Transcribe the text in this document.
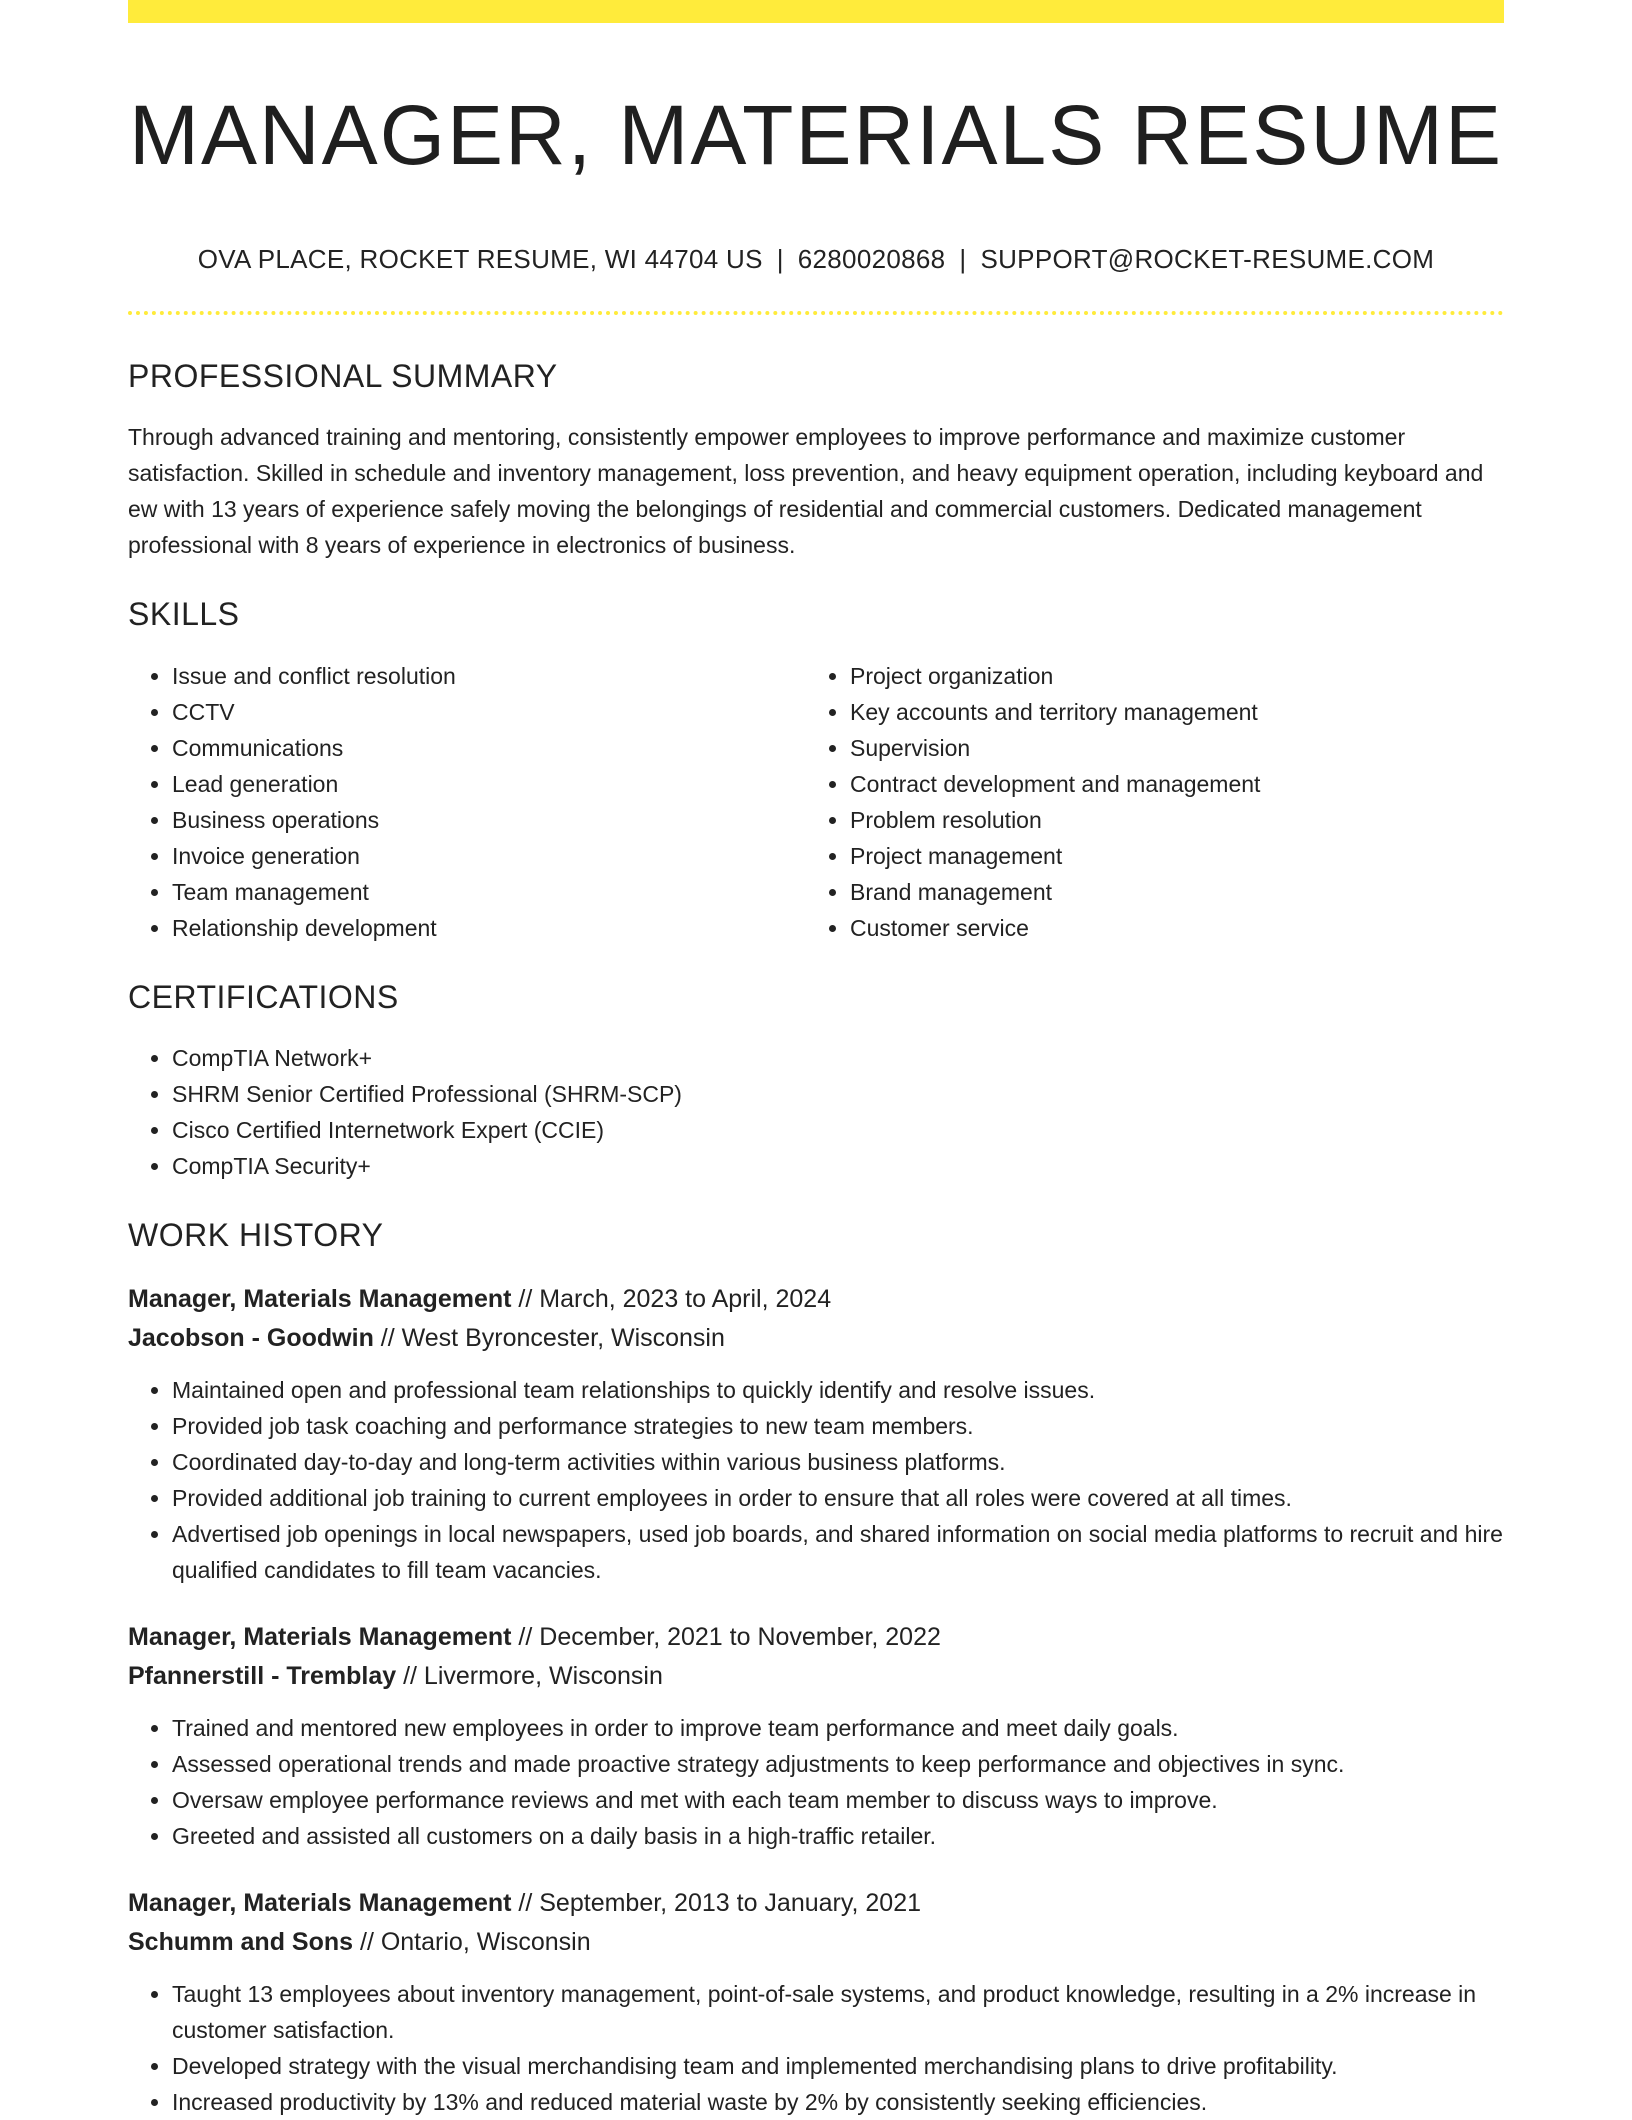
MANAGER, MATERIALS RESUME
OVA PLACE, ROCKET RESUME, WI 44704 US | 6280020868 | SUPPORT@ROCKET-RESUME.COM
PROFESSIONAL SUMMARY

Through advanced training and mentoring, consistently empower employees to improve performance and maximize customer satisfaction. Skilled in schedule and inventory management, loss prevention, and heavy equipment operation, including keyboard and ew with 13 years of experience safely moving the belongings of residential and commercial customers. Dedicated management professional with 8 years of experience in electronics of business.

SKILLS
• Issue and conflict resolution
• CCTV
• Communications
• Lead generation
• Business operations
• Invoice generation
• Team management
• Relationship development
• Project organization
• Key accounts and territory management
• Supervision
• Contract development and management
• Problem resolution
• Project management
• Brand management
• Customer service
CERTIFICATIONS
• CompTIA Network+
• SHRM Senior Certified Professional (SHRM-SCP)
• Cisco Certified Internetwork Expert (CCIE)
• CompTIA Security+
WORK HISTORY
Manager, Materials Management // March, 2023 to April, 2024
Jacobson - Goodwin // West Byroncester, Wisconsin
• Maintained open and professional team relationships to quickly identify and resolve issues.
• Provided job task coaching and performance strategies to new team members.
• Coordinated day-to-day and long-term activities within various business platforms.
• Provided additional job training to current employees in order to ensure that all roles were covered at all times.
• Advertised job openings in local newspapers, used job boards, and shared information on social media platforms to recruit and hire qualified candidates to fill team vacancies.
Manager, Materials Management // December, 2021 to November, 2022
Pfannerstill - Tremblay // Livermore, Wisconsin
• Trained and mentored new employees in order to improve team performance and meet daily goals.
• Assessed operational trends and made proactive strategy adjustments to keep performance and objectives in sync.
• Oversaw employee performance reviews and met with each team member to discuss ways to improve.
• Greeted and assisted all customers on a daily basis in a high-traffic retailer.
Manager, Materials Management // September, 2013 to January, 2021
Schumm and Sons // Ontario, Wisconsin
• Taught 13 employees about inventory management, point-of-sale systems, and product knowledge, resulting in a 2% increase in customer satisfaction.
• Developed strategy with the visual merchandising team and implemented merchandising plans to drive profitability.
• Increased productivity by 13% and reduced material waste by 2% by consistently seeking efficiencies.
